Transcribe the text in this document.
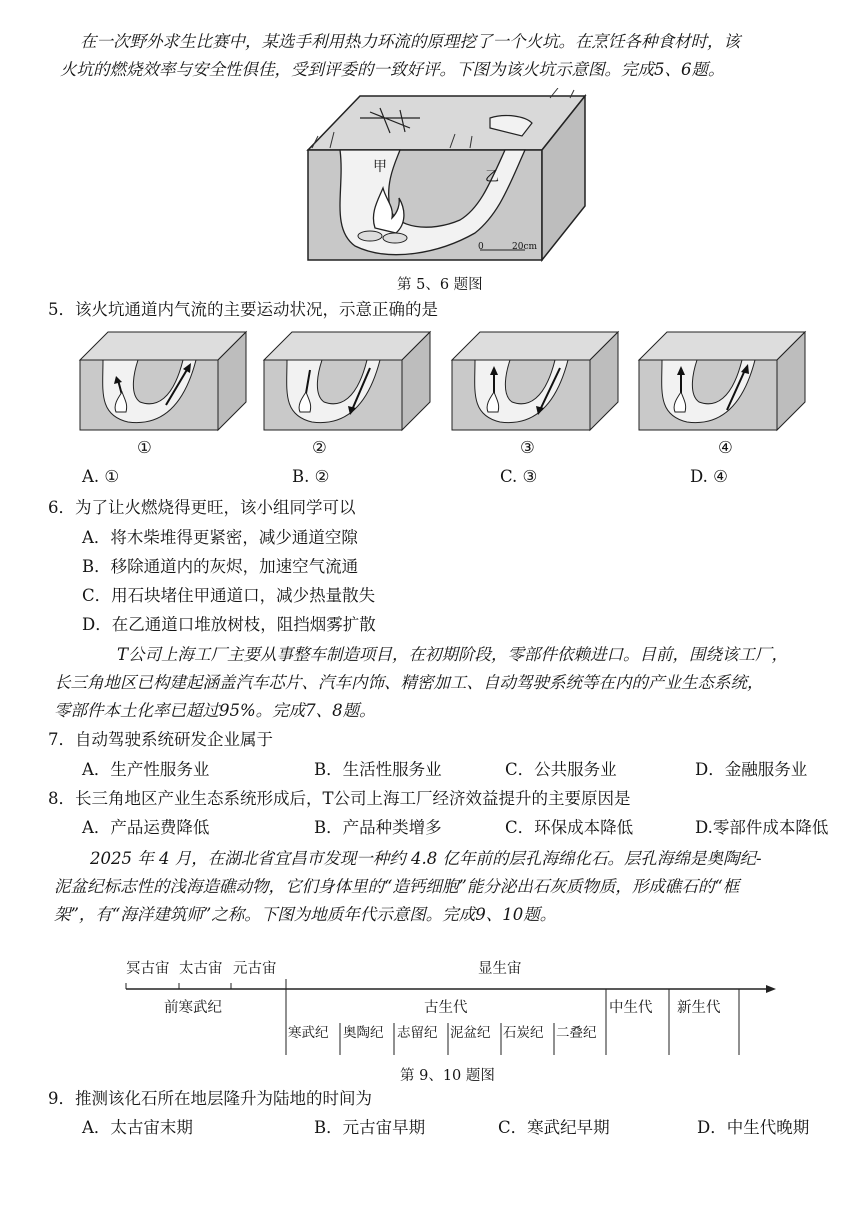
在一次野外求生比赛中，某选手利用热力环流的原理挖了一个火坑。在烹饪各种食材时，该
火坑的燃烧效率与安全性俱佳，受到评委的一致好评。下图为该火坑示意图。完成5、6题。
甲
乙
0	20cm
第 5、6 题图
5．该火坑通道内气流的主要运动状况，示意正确的是
①	②	③	④
A. ①	B. ②	C. ③	D. ④
6．为了让火燃烧得更旺，该小组同学可以
A．将木柴堆得更紧密，减少通道空隙
B．移除通道内的灰烬，加速空气流通
C．用石块堵住甲通道口，减少热量散失
D．在乙通道口堆放树枝，阻挡烟雾扩散
T公司上海工厂主要从事整车制造项目，在初期阶段，零部件依赖进口。目前，围绕该工厂，
长三角地区已构建起涵盖汽车芯片、汽车内饰、精密加工、自动驾驶系统等在内的产业生态系统，
零部件本土化率已超过95%。完成7、8题。
7．自动驾驶系统研发企业属于
A．生产性服务业	B．生活性服务业	C．公共服务业	D．金融服务业
8．长三角地区产业生态系统形成后，T公司上海工厂经济效益提升的主要原因是
A．产品运费降低	B．产品种类增多	C．环保成本降低	D.零部件成本降低
2025 年 4 月，在湖北省宜昌市发现一种约 4.8 亿年前的层孔海绵化石。层孔海绵是奥陶纪-
泥盆纪标志性的浅海造礁动物，它们身体里的“造钙细胞”能分泌出石灰质物质，形成礁石的“框
架”，有“海洋建筑师”之称。下图为地质年代示意图。完成9、10题。
冥古宙 太古宙 元古宙	显生宙
前寒武纪	古生代	中生代 新生代
寒武纪 奥陶纪 志留纪 泥盆纪 石炭纪 二叠纪
第 9、10 题图
9．推测该化石所在地层隆升为陆地的时间为
A．太古宙末期	B．元古宙早期	C．寒武纪早期	D．中生代晚期
